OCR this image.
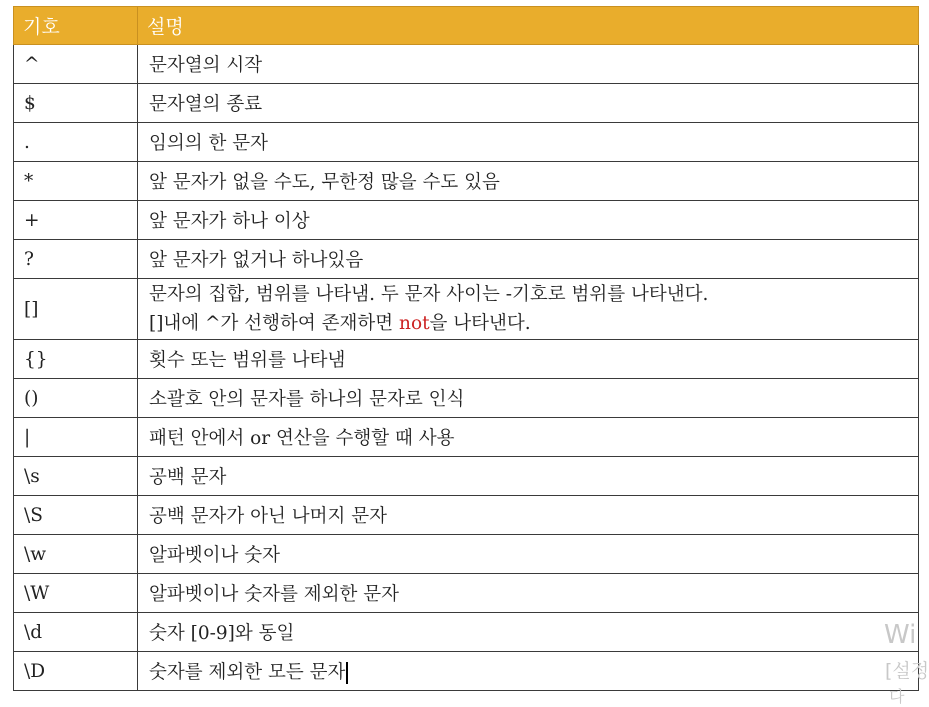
기호	설명
^	문자열의 시작
$	문자열의 종료
.	임의의 한 문자
*	앞 문자가 없을 수도, 무한정 많을 수도 있음
+	앞 문자가 하나 이상
?	앞 문자가 없거나 하나있음
[]	문자의 집합, 범위를 나타냄. 두 문자 사이는 -기호로 범위를 나타낸다.
[]내에 ^가 선행하여 존재하면 not을 나타낸다.

{}	횟수 또는 범위를 나타냄
()	소괄호 안의 문자를 하나의 문자로 인식
|	패턴 안에서 or 연산을 수행할 때 사용
\s	공백 문자
\S	공백 문자가 아닌 나머지 문자
\w	알파벳이나 숫자
\W	알파벳이나 숫자를 제외한 문자
\d	숫자 [0-9]와 동일
\D	숫자를 제외한 모든 문자
Wi
[설정
다
